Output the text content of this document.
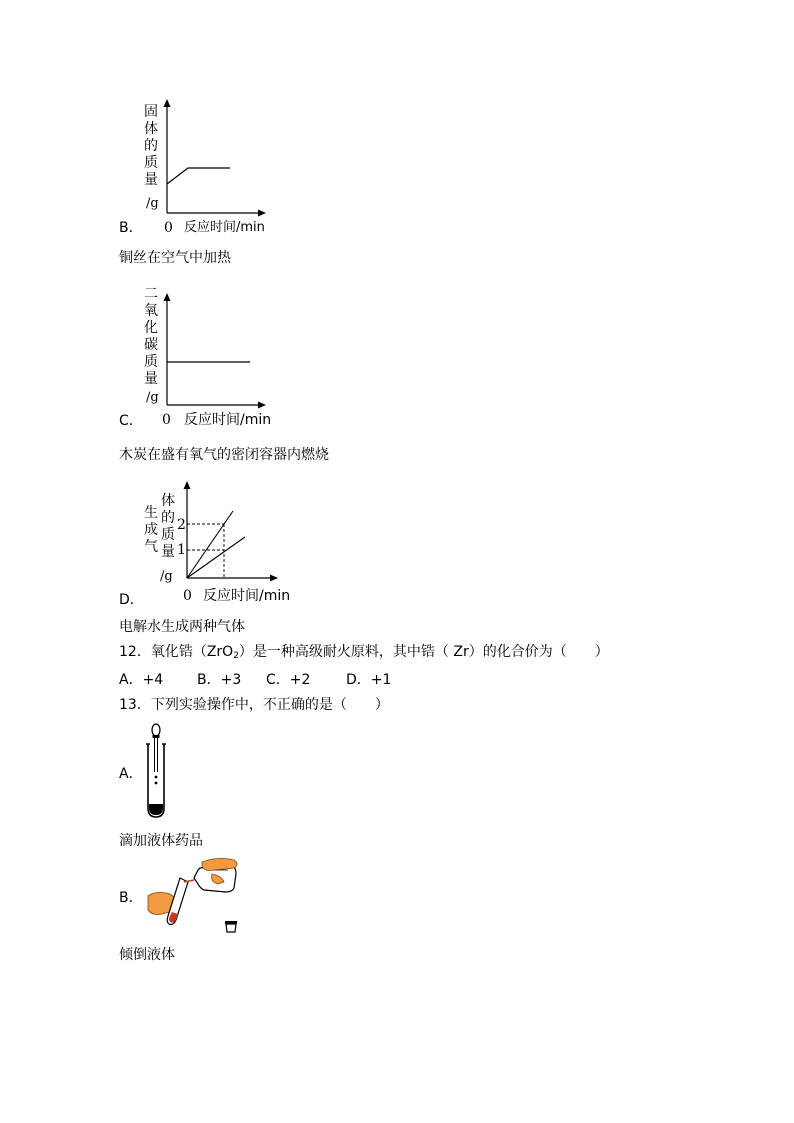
固
体
的
质
量
/g
B． 0 反应时间/min
铜丝在空气中加热
二
氧
化
碳
质
量
/g
C． 0 反应时间/min
木炭在盛有氧气的密闭容器内燃烧
生
成
气
体
的
质
量
/g
2
1
D．	0 反应时间/min
电解水生成两种气体
12．氧化锆（ZrO$_2$）是一种高级耐火原料，其中锆（ Zr）的化合价为（　　）
A．+4 B．+3 C．+2	D．+1
13．下列实验操作中，不正确的是（　　）
A．
滴加液体药品
B．
倾倒液体
